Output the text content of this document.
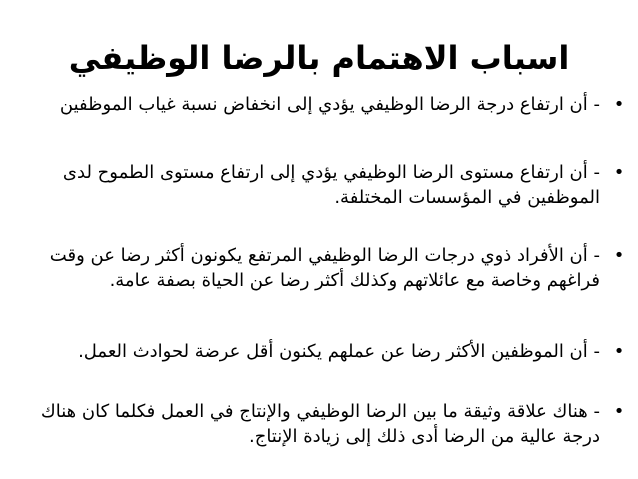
اسباب الاهتمام بالرضا الوظيفي
•
- أن ارتفاع درجة الرضا الوظيفي يؤدي إلى انخفاض نسبة غياب الموظفين
•
- أن ارتفاع مستوى الرضا الوظيفي يؤدي إلى ارتفاع مستوى الطموح لدى الموظفين في المؤسسات المختلفة.
•
- أن الأفراد ذوي درجات الرضا الوظيفي المرتفع يكونون أكثر رضا عن وقت فراغهم وخاصة مع عائلاتهم وكذلك أكثر رضا عن الحياة بصفة عامة.
•
- أن الموظفين الأكثر رضا عن عملهم يكنون أقل عرضة لحوادث العمل.
•
- هناك علاقة وثيقة ما بين الرضا الوظيفي والإنتاج في العمل فكلما كان هناك درجة عالية من الرضا أدى ذلك إلى زيادة الإنتاج.
